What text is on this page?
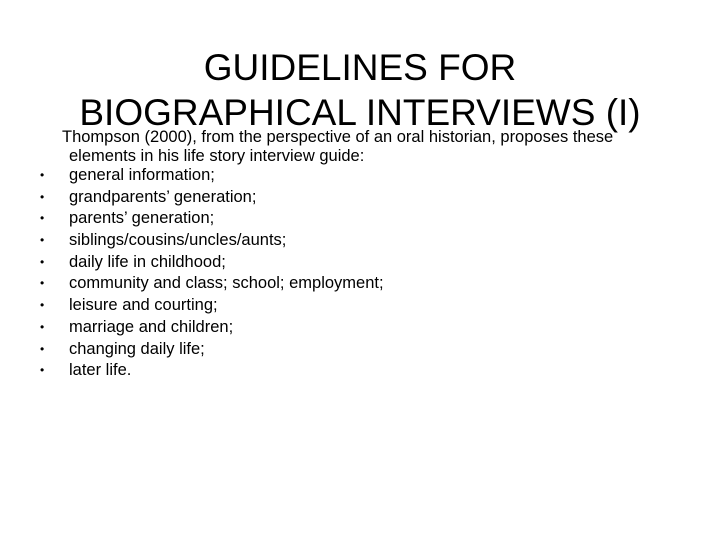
GUIDELINES FOR
BIOGRAPHICAL INTERVIEWS (I)
Thompson (2000), from the perspective of an oral historian, proposes these
elements in his life story interview guide:
•	general information;
•	grandparents’ generation;
•	parents’ generation;
•	siblings/cousins/uncles/aunts;
•	daily life in childhood;
•	community and class; school; employment;
•	leisure and courting;
•	marriage and children;
•	changing daily life;
•	later life.
